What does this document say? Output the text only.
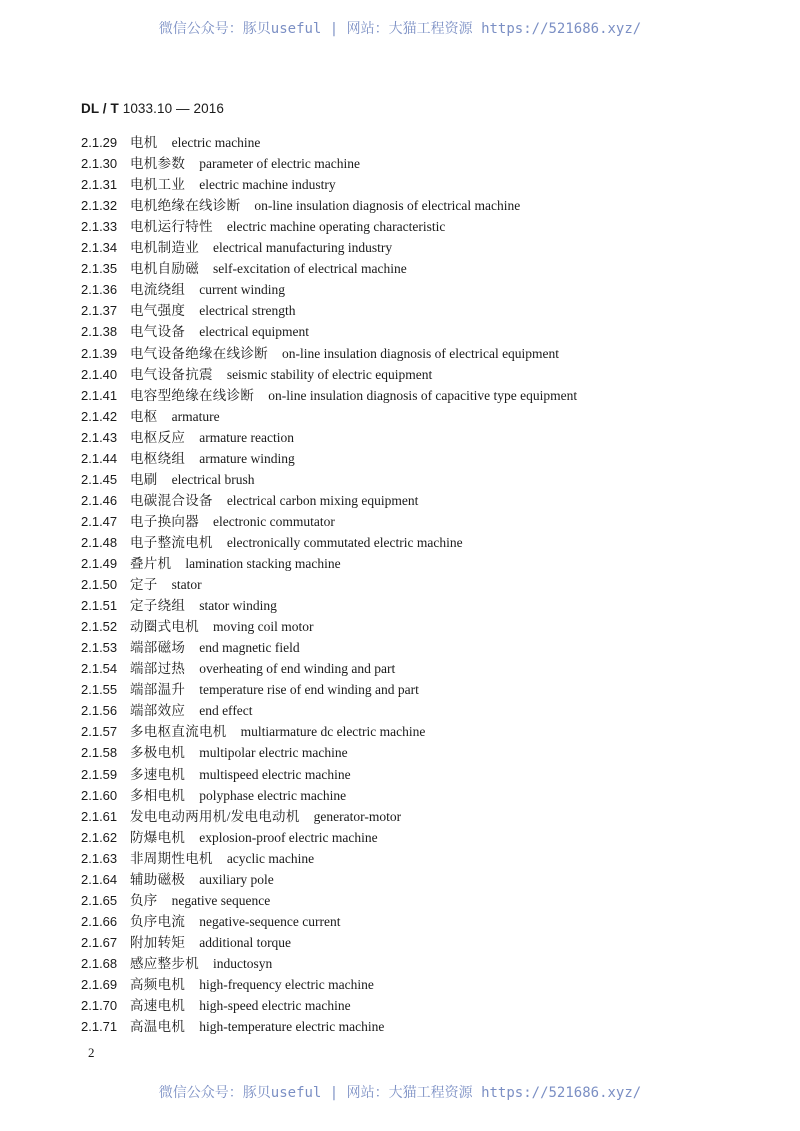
微信公众号：豚贝useful | 网站：大猫工程资源 https://521686.xyz/
DL / T 1033.10 — 2016
2.1.29 电机 electric machine
2.1.30 电机参数 parameter of electric machine
2.1.31 电机工业 electric machine industry
2.1.32 电机绝缘在线诊断 on-line insulation diagnosis of electrical machine
2.1.33 电机运行特性 electric machine operating characteristic
2.1.34 电机制造业 electrical manufacturing industry
2.1.35 电机自励磁 self-excitation of electrical machine
2.1.36 电流绕组 current winding
2.1.37 电气强度 electrical strength
2.1.38 电气设备 electrical equipment
2.1.39 电气设备绝缘在线诊断 on-line insulation diagnosis of electrical equipment
2.1.40 电气设备抗震 seismic stability of electric equipment
2.1.41 电容型绝缘在线诊断 on-line insulation diagnosis of capacitive type equipment
2.1.42 电枢 armature
2.1.43 电枢反应 armature reaction
2.1.44 电枢绕组 armature winding
2.1.45 电刷 electrical brush
2.1.46 电碳混合设备 electrical carbon mixing equipment
2.1.47 电子换向器 electronic commutator
2.1.48 电子整流电机 electronically commutated electric machine
2.1.49 叠片机 lamination stacking machine
2.1.50 定子 stator
2.1.51 定子绕组 stator winding
2.1.52 动圈式电机 moving coil motor
2.1.53 端部磁场 end magnetic field
2.1.54 端部过热 overheating of end winding and part
2.1.55 端部温升 temperature rise of end winding and part
2.1.56 端部效应 end effect
2.1.57 多电枢直流电机 multiarmature dc electric machine
2.1.58 多极电机 multipolar electric machine
2.1.59 多速电机 multispeed electric machine
2.1.60 多相电机 polyphase electric machine
2.1.61 发电电动两用机/发电电动机 generator-motor
2.1.62 防爆电机 explosion-proof electric machine
2.1.63 非周期性电机 acyclic machine
2.1.64 辅助磁极 auxiliary pole
2.1.65 负序 negative sequence
2.1.66 负序电流 negative-sequence current
2.1.67 附加转矩 additional torque
2.1.68 感应整步机 inductosyn
2.1.69 高频电机 high-frequency electric machine
2.1.70 高速电机 high-speed electric machine
2.1.71 高温电机 high-temperature electric machine
2
微信公众号：豚贝useful | 网站：大猫工程资源 https://521686.xyz/
